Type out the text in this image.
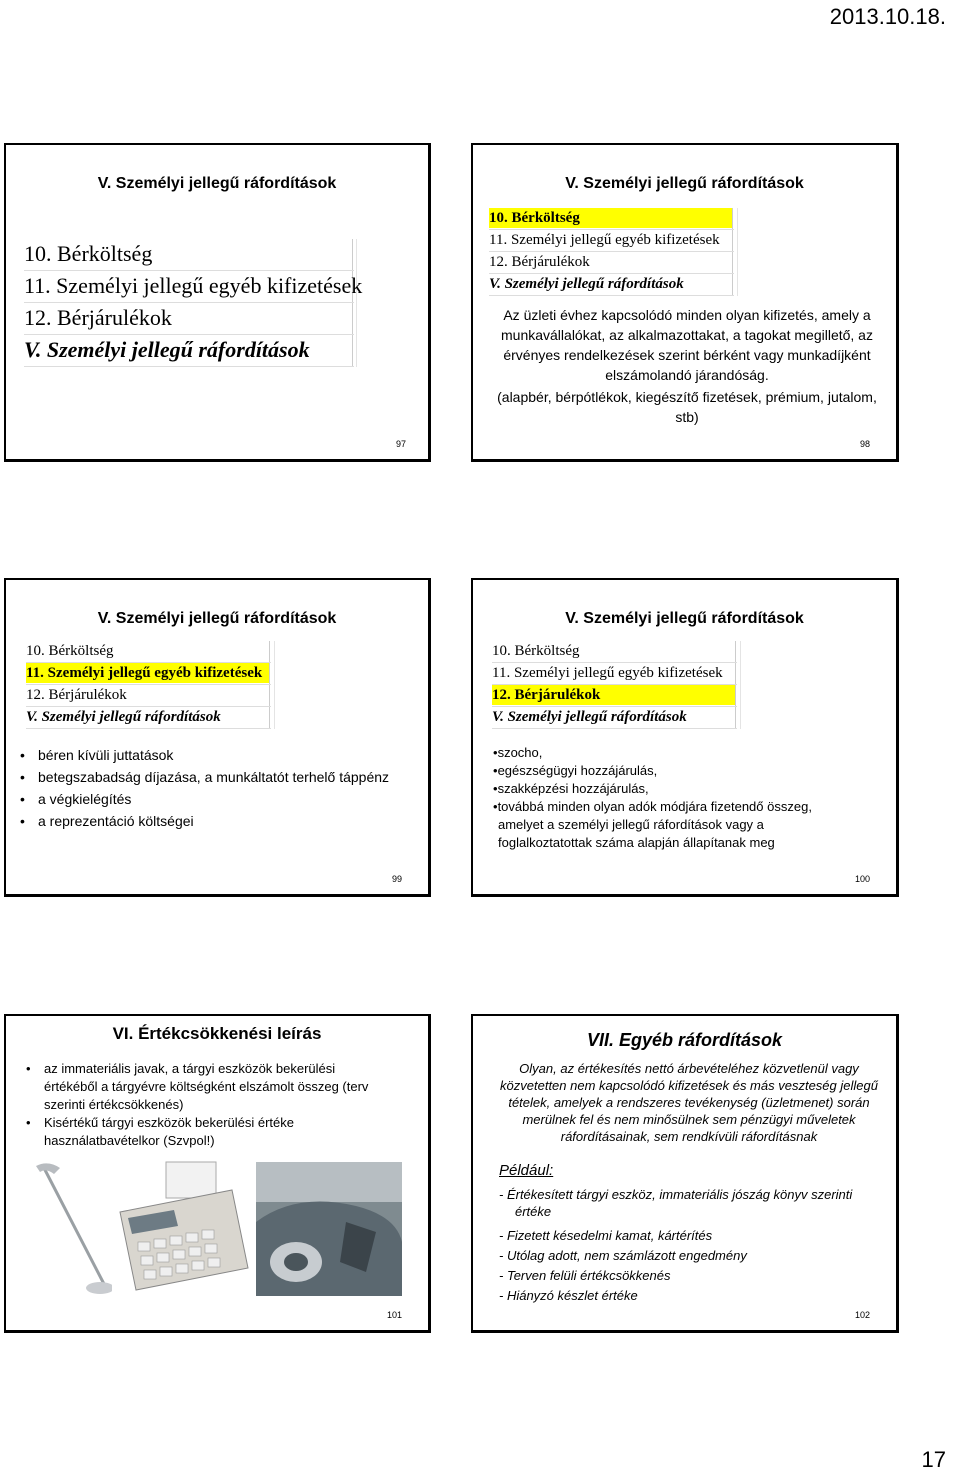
2013.10.18.
V. Személyi jellegű ráfordítások
10. Bérköltség
11. Személyi jellegű egyéb kifizetések
12. Bérjárulékok
V. Személyi jellegű ráfordítások
97
V. Személyi jellegű ráfordítások
10. Bérköltség
11. Személyi jellegű egyéb kifizetések
12. Bérjárulékok
V. Személyi jellegű ráfordítások
Az üzleti évhez kapcsolódó minden olyan kifizetés, amely a munkavállalókat, az alkalmazottakat, a tagokat megillető, az érvényes rendelkezések szerint bérként vagy munkadíjként elszámolandó járandóság.
(alapbér, bérpótlékok, kiegészítő fizetések, prémium, jutalom, stb)
98
V. Személyi jellegű ráfordítások
10. Bérköltség
11. Személyi jellegű egyéb kifizetések
12. Bérjárulékok
V. Személyi jellegű ráfordítások
• béren kívüli juttatások
• betegszabadság díjazása, a munkáltatót terhelő táppénz
• a végkielégítés
• a reprezentáció költségei
99
V. Személyi jellegű ráfordítások
10. Bérköltség
11. Személyi jellegű egyéb kifizetések
12. Bérjárulékok
V. Személyi jellegű ráfordítások
• szocho,
• egészségügyi hozzájárulás,
• szakképzési hozzájárulás,
• továbbá minden olyan adók módjára fizetendő összeg,
amelyet a személyi jellegű ráfordítások vagy a foglalkoztatottak száma alapján állapítanak meg
100
VI. Értékcsökkenési leírás
• az immateriális javak, a tárgyi eszközök bekerülési értékéből a tárgyévre költségként elszámolt összeg (terv szerinti értékcsökkenés)
• Kisértékű tárgyi eszközök bekerülési értéke használatbavételkor (Szvpol!)
101
VII. Egyéb ráfordítások
Olyan, az értékesítés nettó árbevételéhez közvetlenül vagy közvetetten nem kapcsolódó kifizetések és más veszteség jellegű tételek, amelyek a rendszeres tevékenység (üzletmenet) során merülnek fel és nem minősülnek sem pénzügyi műveletek ráfordításainak, sem rendkívüli ráfordításnak
Például:
- Értékesített tárgyi eszköz, immateriális jószág könyv szerinti értéke
- Fizetett késedelmi kamat, kártérítés
- Utólag adott, nem számlázott engedmény
- Terven felüli értékcsökkenés
- Hiányzó készlet értéke
102
17
